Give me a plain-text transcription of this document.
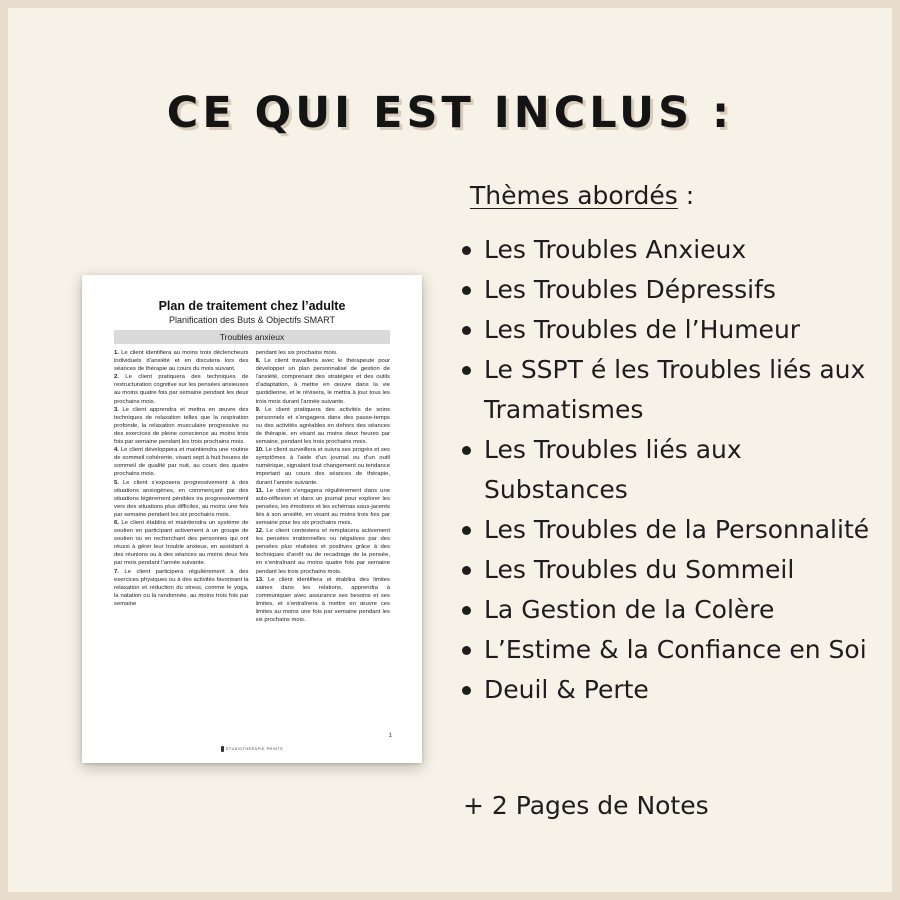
CE QUI EST INCLUS :
Plan de traitement chez l’adulte
Planification des Buts & Objectifs SMART
Troubles anxieux

1. Le client identifiera au moins trois déclencheurs individuels d’anxiété et en discutera lors des séances de thérapie au cours du mois suivant.

2. Le client pratiquera des techniques de restructuration cognitive sur les pensées anxieuses au moins quatre fois par semaine pendant les deux prochains mois.

3. Le client apprendra et mettra en œuvre des techniques de relaxation telles que la respiration profonde, la relaxation musculaire progressive ou des exercices de pleine conscience au moins trois fois par semaine pendant les trois prochains mois.

4. Le client développera et maintiendra une routine de sommeil cohérente, visant sept à huit heures de sommeil de qualité par nuit, au cours des quatre prochains mois.

5. Le client s’exposera progressivement à des situations anxiogènes, en commençant par des situations légèrement pénibles ira progressivement vers des situations plus difficiles, au moins une fois par semaine pendant les six prochains mois.

6. Le client établira et maintiendra un système de soutien en participant activement à un groupe de soutien ou en recherchant des personnes qui ont réussi à gérer leur trouble anxieux, en assistant à des réunions ou à des séances au moins deux fois par mois pendant l’année suivante.

7. Le client participera régulièrement à des exercices physiques ou à des activités favorisant la relaxation et réduction du stress, comme le yoga, la natation ou la randonnée, au moins trois fois par semaine

pendant les six prochains mois.

8. Le client travaillera avec le thérapeute pour développer un plan personnalisé de gestion de l’anxiété, comprenant des stratégies et des outils d’adaptation, à mettre en œuvre dans la vie quotidienne, et le révisera, le mettra à jour tous les trois mois durant l’année suivante.

9. Le client pratiquera des activités de soins personnels et s’engagera dans des passe-temps ou des activités agréables en dehors des séances de thérapie, en visant au moins deux heures par semaine, pendant les trois prochains mois.

10. Le client surveillera et suivra ses progrès et ses symptômes à l’aide d’un journal ou d’un outil numérique, signalant tout changement ou tendance important au cours des séances de thérapie, durant l’année suivante.

11. Le client s’engagera régulièrement dans une auto-réflexion et dans un journal pour explorer les pensées, les émotions et les schémas sous-jacents liés à son anxiété, en visant au moins trois fois par semaine pour les six prochains mois.

12. Le client contestera et remplacera activement les pensées irrationnelles ou négatives par des pensées plus réalistes et positives grâce à des techniques d’arrêt ou de recadrage de la pensée, en s’entraînant au moins quatre fois par semaine pendant les trois prochains mois.

13. Le client identifiera et établira des limites saines dans les relations, apprendra à communiquer avec assurance ses besoins et ses limites, et s’entraînera à mettre en œuvre ces limites au moins une fois par semaine pendant les six prochains mois.

1
STUDIOTHERAPIE PRINTS
Thèmes abordés :
Les Troubles Anxieux
Les Troubles Dépressifs
Les Troubles de l’Humeur
Le SSPT é les Troubles liés aux Tramatismes
Les Troubles liés aux Substances
Les Troubles de la Personnalité
Les Troubles du Sommeil
La Gestion de la Colère
L’Estime & la Confiance en Soi
Deuil & Perte
+ 2 Pages de Notes
